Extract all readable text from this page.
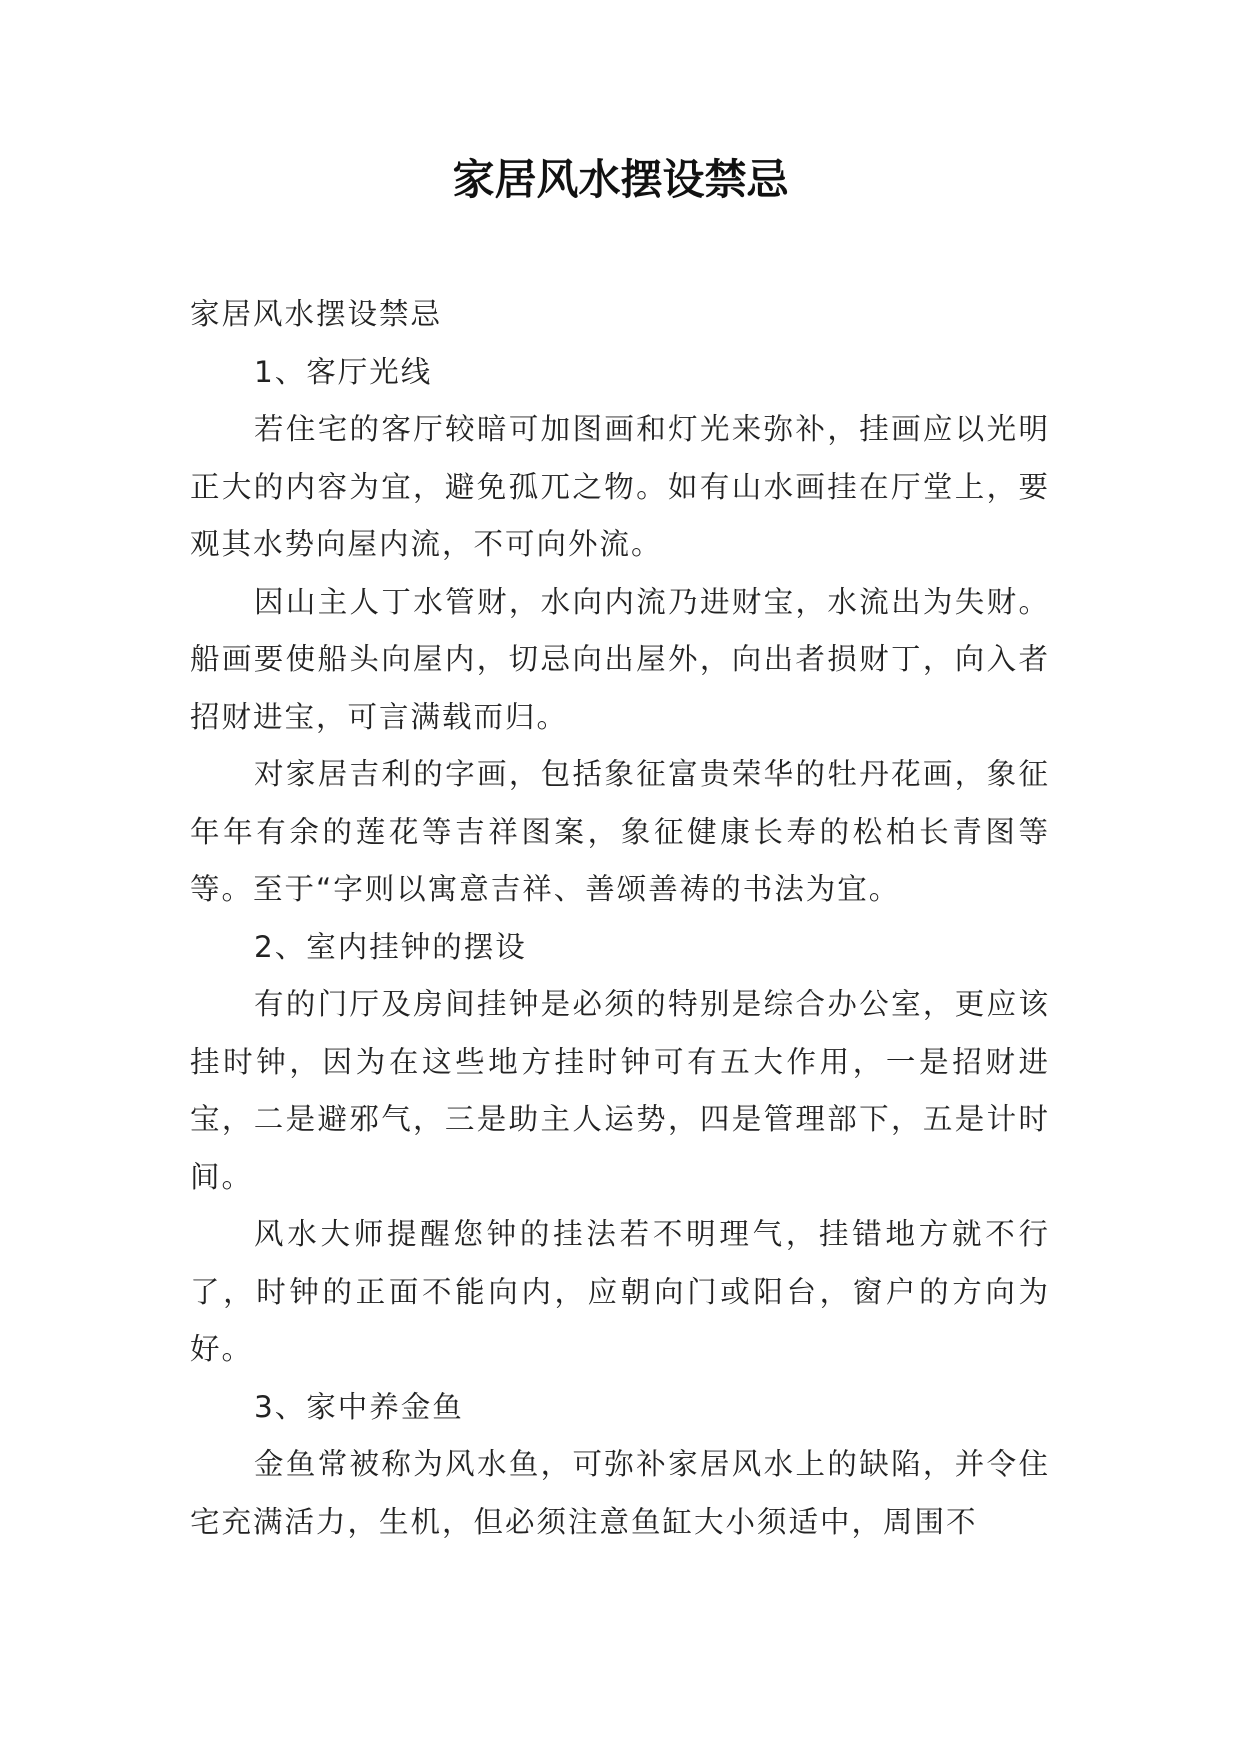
家居风水摆设禁忌

家居风水摆设禁忌

1、客厅光线

若住宅的客厅较暗可加图画和灯光来弥补，挂画应以光明正大的内容为宜，避免孤兀之物。如有山水画挂在厅堂上，要观其水势向屋内流，不可向外流。

因山主人丁水管财，水向内流乃进财宝，水流出为失财。船画要使船头向屋内，切忌向出屋外，向出者损财丁，向入者招财进宝，可言满载而归。

对家居吉利的字画，包括象征富贵荣华的牡丹花画，象征年年有余的莲花等吉祥图案，象征健康长寿的松柏长青图等等。至于“字则以寓意吉祥、善颂善祷的书法为宜。

2、室内挂钟的摆设

有的门厅及房间挂钟是必须的特别是综合办公室，更应该挂时钟，因为在这些地方挂时钟可有五大作用，一是招财进宝，二是避邪气，三是助主人运势，四是管理部下，五是计时间。

风水大师提醒您钟的挂法若不明理气，挂错地方就不行了，时钟的正面不能向内，应朝向门或阳台，窗户的方向为好。

3、家中养金鱼

金鱼常被称为风水鱼，可弥补家居风水上的缺陷，并令住宅充满活力，生机，但必须注意鱼缸大小须适中，周围不
